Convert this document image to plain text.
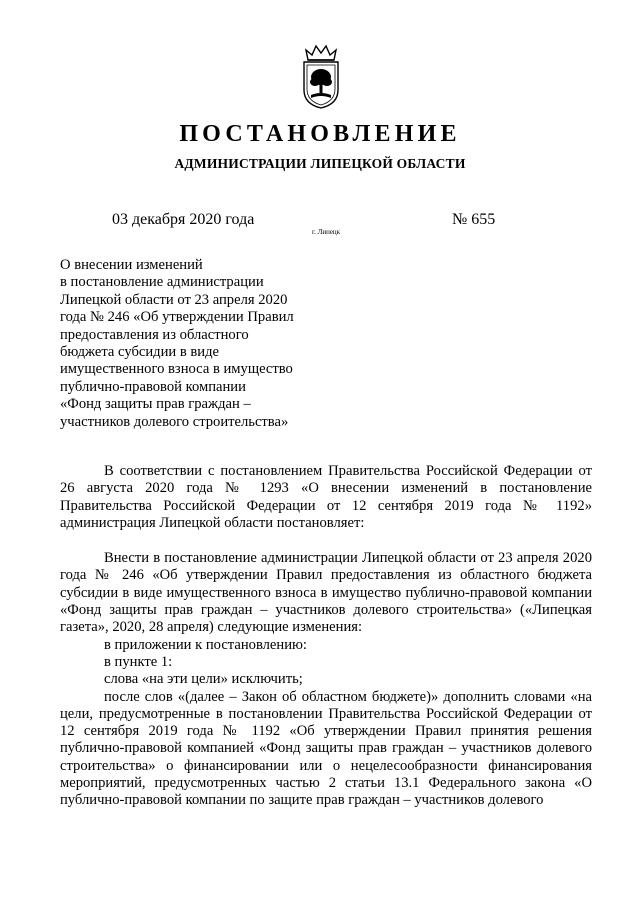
ПОСТАНОВЛЕНИЕ
АДМИНИСТРАЦИИ ЛИПЕЦКОЙ ОБЛАСТИ
03 декабря 2020 года
г. Липецк
№ 655
О внесении изменений
в постановление администрации
Липецкой области от 23 апреля 2020
года № 246 «Об утверждении Правил
предоставления из областного
бюджета субсидии в виде
имущественного взноса в имущество
публично-правовой компании
«Фонд защиты прав граждан –
участников долевого строительства»

В соответствии с постановлением Правительства Российской Федерации от 26 августа 2020 года № 1293 «О внесении изменений в постановление Правительства Российской Федерации от 12 сентября 2019 года № 1192» администрация Липецкой области постановляет:

Внести в постановление администрации Липецкой области от 23 апреля 2020 года № 246 «Об утверждении Правил предоставления из областного бюджета субсидии в виде имущественного взноса в имущество публично-правовой компании «Фонд защиты прав граждан – участников долевого строительства» («Липецкая газета», 2020, 28 апреля) следующие изменения:

в приложении к постановлению:

в пункте 1:

слова «на эти цели» исключить;

после слов «(далее – Закон об областном бюджете)» дополнить словами «на цели, предусмотренные в постановлении Правительства Российской Федерации от 12 сентября 2019 года № 1192 «Об утверждении Правил принятия решения публично-правовой компанией «Фонд защиты прав граждан – участников долевого строительства» о финансировании или о нецелесообразности финансирования мероприятий, предусмотренных частью 2 статьи 13.1 Федерального закона «О публично-правовой компании по защите прав граждан – участников долевого
